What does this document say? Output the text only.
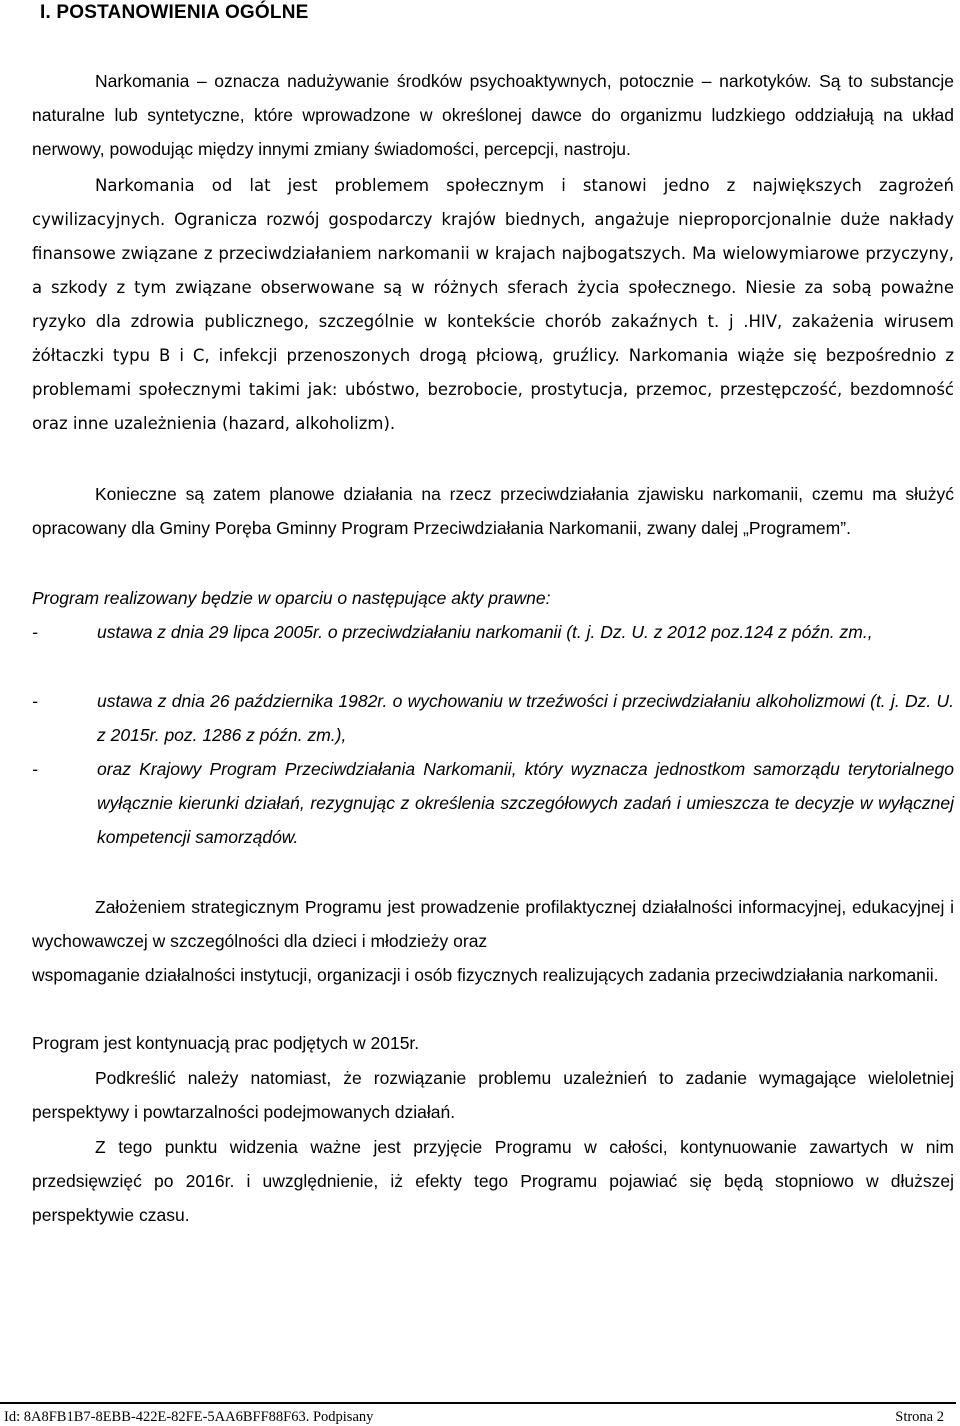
I. POSTANOWIENIA OGÓLNE
Narkomania – oznacza nadużywanie środków psychoaktywnych, potocznie – narkotyków. Są to substancje naturalne lub syntetyczne, które wprowadzone w określonej dawce do organizmu ludzkiego oddziałują na układ nerwowy, powodując między innymi zmiany świadomości, percepcji, nastroju.
Narkomania od lat jest problemem społecznym i stanowi jedno z największych zagrożeń cywilizacyjnych. Ogranicza rozwój gospodarczy krajów biednych, angażuje nieproporcjonalnie duże nakłady finansowe związane z przeciwdziałaniem narkomanii w krajach najbogatszych. Ma wielowymiarowe przyczyny, a szkody z tym związane obserwowane są w różnych sferach życia społecznego. Niesie za sobą poważne ryzyko dla zdrowia publicznego, szczególnie w kontekście chorób zakaźnych t. j .HIV, zakażenia wirusem żółtaczki typu B i C, infekcji przenoszonych drogą płciową, gruźlicy. Narkomania wiąże się bezpośrednio z problemami społecznymi takimi jak: ubóstwo, bezrobocie, prostytucja, przemoc, przestępczość, bezdomność oraz inne uzależnienia (hazard, alkoholizm).
Konieczne są zatem planowe działania na rzecz przeciwdziałania zjawisku narkomanii, czemu ma służyć opracowany dla Gminy Poręba Gminny Program Przeciwdziałania Narkomanii, zwany dalej „Programem”.
Program realizowany będzie w oparciu o następujące akty prawne:
-	ustawa z dnia 29 lipca 2005r. o przeciwdziałaniu narkomanii (t. j. Dz. U. z 2012 poz.124 z późn. zm.,
-	ustawa z dnia 26 października 1982r. o wychowaniu w trzeźwości i przeciwdziałaniu alkoholizmowi (t. j. Dz. U. z 2015r. poz. 1286 z późn. zm.),
-	oraz Krajowy Program Przeciwdziałania Narkomanii, który wyznacza jednostkom samorządu terytorialnego wyłącznie kierunki działań, rezygnując z określenia szczegółowych zadań i umieszcza te decyzje w wyłącznej kompetencji samorządów.
Założeniem strategicznym Programu jest prowadzenie profilaktycznej działalności informacyjnej, edukacyjnej i wychowawczej w szczególności dla dzieci i młodzieży oraz
wspomaganie działalności instytucji, organizacji i osób fizycznych realizujących zadania przeciwdziałania narkomanii.
Program jest kontynuacją prac podjętych w 2015r.
Podkreślić należy natomiast, że rozwiązanie problemu uzależnień to zadanie wymagające wieloletniej perspektywy i powtarzalności podejmowanych działań.
Z tego punktu widzenia ważne jest przyjęcie Programu w całości, kontynuowanie zawartych w nim przedsięwzięć po 2016r. i uwzględnienie, iż efekty tego Programu pojawiać się będą stopniowo w dłuższej perspektywie czasu.
Id: 8A8FB1B7-8EBB-422E-82FE-5AA6BFF88F63. Podpisany	Strona 2
